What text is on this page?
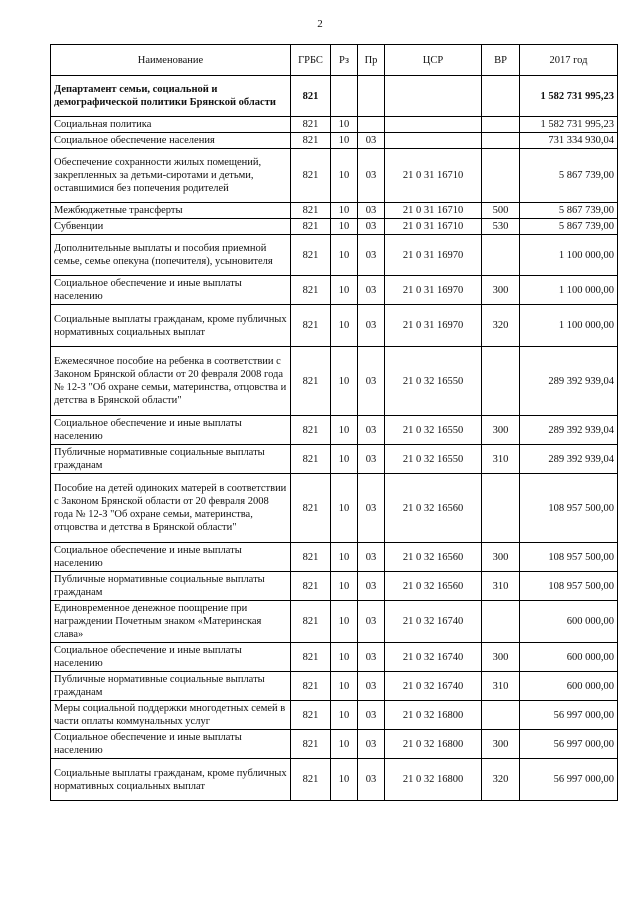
2
Наименование	ГРБС	Рз	Пр	ЦСР	ВР	2017 год
Департамент семьи, социальной и демографической политики Брянской области	821					1 582 731 995,23
Социальная политика	821	10				1 582 731 995,23
Социальное обеспечение населения	821	10	03			731 334 930,04
Обеспечение сохранности жилых помещений, закрепленных за детьми-сиротами и детьми, оставшимися без попечения родителей	821	10	03	21 0 31 16710		5 867 739,00
Межбюджетные трансферты	821	10	03	21 0 31 16710	500	5 867 739,00
Субвенции	821	10	03	21 0 31 16710	530	5 867 739,00
Дополнительные выплаты и пособия приемной семье, семье опекуна (попечителя), усыновителя	821	10	03	21 0 31 16970		1 100 000,00
Социальное обеспечение и иные выплаты населению	821	10	03	21 0 31 16970	300	1 100 000,00
Социальные выплаты гражданам, кроме публичных нормативных социальных выплат	821	10	03	21 0 31 16970	320	1 100 000,00
Ежемесячное пособие на ребенка в соответствии с Законом Брянской области от 20 февраля 2008 года № 12-З "Об охране семьи, материнства, отцовства и детства в Брянской области"	821	10	03	21 0 32 16550		289 392 939,04
Социальное обеспечение и иные выплаты населению	821	10	03	21 0 32 16550	300	289 392 939,04
Публичные нормативные социальные выплаты гражданам	821	10	03	21 0 32 16550	310	289 392 939,04
Пособие на детей одиноких матерей в соответствии с Законом Брянской области от 20 февраля 2008 года № 12-З "Об охране семьи, материнства, отцовства и детства в Брянской области"	821	10	03	21 0 32 16560		108 957 500,00
Социальное обеспечение и иные выплаты населению	821	10	03	21 0 32 16560	300	108 957 500,00
Публичные нормативные социальные выплаты гражданам	821	10	03	21 0 32 16560	310	108 957 500,00
Единовременное денежное поощрение при награждении Почетным знаком «Материнская слава»	821	10	03	21 0 32 16740		600 000,00
Социальное обеспечение и иные выплаты населению	821	10	03	21 0 32 16740	300	600 000,00
Публичные нормативные социальные выплаты гражданам	821	10	03	21 0 32 16740	310	600 000,00
Меры социальной поддержки многодетных семей в части оплаты коммунальных услуг	821	10	03	21 0 32 16800		56 997 000,00
Социальное обеспечение и иные выплаты населению	821	10	03	21 0 32 16800	300	56 997 000,00
Социальные выплаты гражданам, кроме публичных нормативных социальных выплат	821	10	03	21 0 32 16800	320	56 997 000,00
